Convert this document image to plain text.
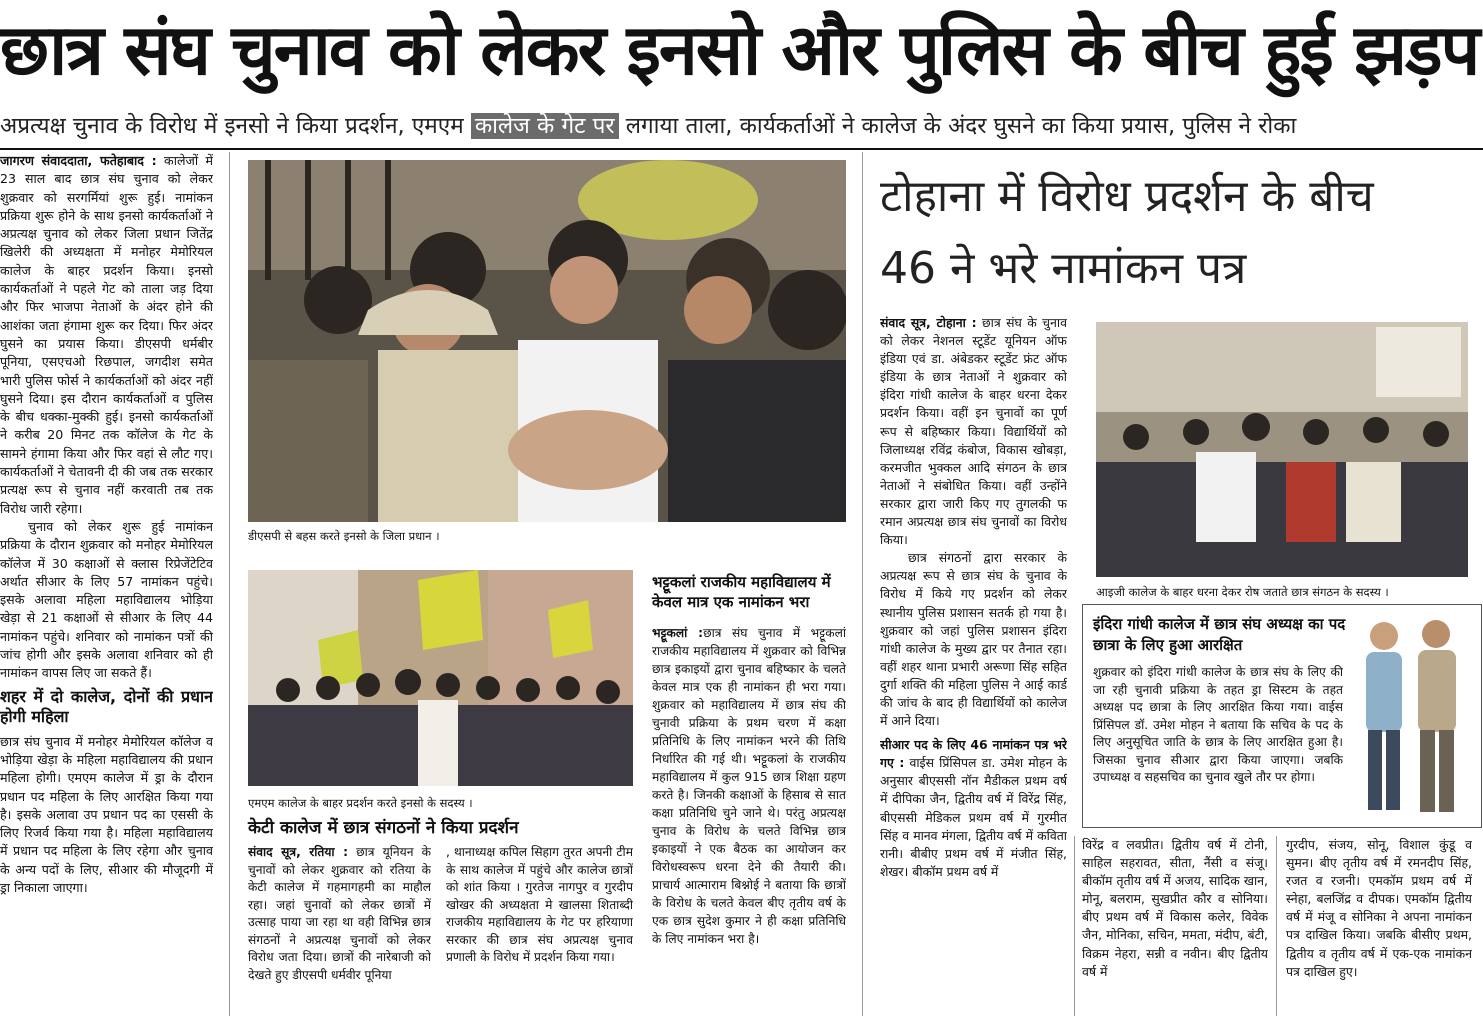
छात्र संघ चुनाव को लेकर इनसो और पुलिस के बीच हुई झड़प
अप्रत्यक्ष चुनाव के विरोध में इनसो ने किया प्रदर्शन, एमएम कालेज के गेट पर लगाया ताला, कार्यकर्ताओं ने कालेज के अंदर घुसने का किया प्रयास, पुलिस ने रोका

जागरण संवाददाता, फतेहाबाद : कालेजों में 23 साल बाद छात्र संघ चुनाव को लेकर शुक्रवार को सरगर्मियां शुरू हुई। नामांकन प्रक्रिया शुरू होने के साथ इनसो कार्यकर्ताओं ने अप्रत्यक्ष चुनाव को लेकर जिला प्रधान जितेंद्र खिलेरी की अध्यक्षता में मनोहर मेमोरियल कालेज के बाहर प्रदर्शन किया। इनसो कार्यकर्ताओं ने पहले गेट को ताला जड़ दिया और फिर भाजपा नेताओं के अंदर होने की आशंका जता हंगामा शुरू कर दिया। फिर अंदर घुसने का प्रयास किया। डीएसपी धर्मबीर पूनिया, एसएचओ रिछपाल, जगदीश समेत भारी पुलिस फोर्स ने कार्यकर्ताओं को अंदर नहीं घुसने दिया। इस दौरान कार्यकर्ताओं व पुलिस के बीच धक्का-मुक्की हुई। इनसो कार्यकर्ताओं ने करीब 20 मिनट तक कॉलेज के गेट के सामने हंगामा किया और फिर वहां से लौट गए। कार्यकर्ताओं ने चेतावनी दी की जब तक सरकार प्रत्यक्ष रूप से चुनाव नहीं करवाती तब तक विरोध जारी रहेगा।

चुनाव को लेकर शुरू हुई नामांकन प्रक्रिया के दौरान शुक्रवार को मनोहर मेमोरियल कॉलेज में 30 कक्षाओं से क्लास रिप्रेजेंटेटिव अर्थात सीआर के लिए 57 नामांकन पहुंचे। इसके अलावा महिला महाविद्यालय भोड़िया खेड़ा से 21 कक्षाओं से सीआर के लिए 44 नामांकन पहुंचे। शनिवार को नामांकन पत्रों की जांच होगी और इसके अलावा शनिवार को ही नामांकन वापस लिए जा सकते हैं।

शहर में दो कालेज, दोनों की प्रधान होगी महिला

छात्र संघ चुनाव में मनोहर मेमोरियल कॉलेज व भोड़िया खेड़ा के महिला महाविद्यालय की प्रधान महिला होगी। एमएम कालेज में ड्रा के दौरान प्रधान पद महिला के लिए आरक्षित किया गया है। इसके अलावा उप प्रधान पद का एससी के लिए रिजर्व किया गया है। महिला महाविद्यालय में प्रधान पद महिला के लिए रहेगा और चुनाव के अन्य पदों के लिए, सीआर की मौजूदगी में ड्रा निकाला जाएगा।

डीएसपी से बहस करते इनसो के जिला प्रधान ।
एमएम कालेज के बाहर प्रदर्शन करते इनसो के सदस्य ।
केटी कालेज में छात्र संगठनों ने किया प्रदर्शन

संवाद सूत्र, रतिया : छात्र यूनियन के चुनावों को लेकर शुक्रवार को रतिया के केटी कालेज में गहमागहमी का माहौल रहा। जहां चुनावों को लेकर छात्रों में उत्साह पाया जा रहा था वही विभिन्न छात्र संगठनों ने अप्रत्यक्ष चुनावों को लेकर विरोध जता दिया। छात्रों की नारेबाजी को देखते हुए डीएसपी धर्मवीर पूनिया

, थानाध्यक्ष कपिल सिहाग तुरत अपनी टीम के साथ कालेज में पहुंचे और कालेज छात्रों को शांत किया । गुरतेज नागपुर व गुरदीप खोखर की अध्यक्षता मे खालसा शिताब्दी राजकीय महाविद्यालय के गेट पर हरियाणा सरकार की छात्र संघ अप्रत्यक्ष चुनाव प्रणाली के विरोध में प्रदर्शन किया गया।

भट्टूकलां राजकीय महाविद्यालय में केवल मात्र एक नामांकन भरा

भट्टूकलां :छात्र संघ चुनाव में भट्टूकलां राजकीय महाविद्यालय में शुक्रवार को विभिन्न छात्र इकाइयों द्वारा चुनाव बहिष्कार के चलते केवल मात्र एक ही नामांकन ही भरा गया। शुक्रवार को महाविद्यालय में छात्र संघ की चुनावी प्रक्रिया के प्रथम चरण में कक्षा प्रतिनिधि के लिए नामांकन भरने की तिथि निर्धारित की गई थी। भट्टूकलां के राजकीय महाविद्यालय में कुल 915 छात्र शिक्षा ग्रहण करते है। जिनकी कक्षाओं के हिसाब से सात कक्षा प्रतिनिधि चुने जाने थे। परंतु अप्रत्यक्ष चुनाव के विरोध के चलते विभिन्न छात्र इकाइयों ने एक बैठक का आयोजन कर विरोधस्वरूप धरना देने की तैयारी की। प्राचार्य आत्माराम बिश्नोई ने बताया कि छात्रों के विरोध के चलते केवल बीए तृतीय वर्ष के एक छात्र सुदेश कुमार ने ही कक्षा प्रतिनिधि के लिए नामांकन भरा है।

टोहाना में विरोध प्रदर्शन के बीच
46 ने भरे नामांकन पत्र

संवाद सूत्र, टोहाना : छात्र संघ के चुनाव को लेकर नेशनल स्टूडेंट यूनियन ऑफ इंडिया एवं डा. अंबेडकर स्टूडेंट फ्रंट ऑफ इंडिया के छात्र नेताओं ने शुक्रवार को इंदिरा गांधी कालेज के बाहर धरना देकर प्रदर्शन किया। वहीं इन चुनावों का पूर्ण रूप से बहिष्कार किया। विद्यार्थियों को जिलाध्यक्ष रविंद्र कंबोज, विकास खोबड़ा, करमजीत भुक्कल आदि संगठन के छात्र नेताओं ने संबोधित किया। वहीं उन्होंने सरकार द्वारा जारी किए गए तुगलकी फ रमान अप्रत्यक्ष छात्र संघ चुनावों का विरोध किया।

छात्र संगठनों द्वारा सरकार के अप्रत्यक्ष रूप से छात्र संघ के चुनाव के विरोध में किये गए प्रदर्शन को लेकर स्थानीय पुलिस प्रशासन सतर्क हो गया है। शुक्रवार को जहां पुलिस प्रशासन इंदिरा गांधी कालेज के मुख्य द्वार पर तैनात रहा। वहीं शहर थाना प्रभारी अरूणा सिंह सहित दुर्गा शक्ति की महिला पुलिस ने आई कार्ड की जांच के बाद ही विद्यार्थियों को कालेज में आने दिया।

सीआर पद के लिए 46 नामांकन पत्र भरे गए : वाईस प्रिंसिपल डा. उमेश मोहन के अनुसार बीएससी नॉन मैडीकल प्रथम वर्ष में दीपिका जैन, द्वितीय वर्ष में विरेंद्र सिंह, बीएससी मेडिकल प्रथम वर्ष में गुरमीत सिंह व मानव मंगला, द्वितीय वर्ष में कविता रानी। बीबीए प्रथम वर्ष में मंजीत सिंह, शेखर। बीकॉम प्रथम वर्ष में

आइजी कालेज के बाहर धरना देकर रोष जताते छात्र संगठन के सदस्य ।
इंदिरा गांधी कालेज में छात्र संघ अध्यक्ष का पद छात्रा के लिए हुआ आरक्षित

शुक्रवार को इंदिरा गांधी कालेज के छात्र संघ के लिए की जा रही चुनावी प्रक्रिया के तहत ड्रा सिस्टम के तहत अध्यक्ष पद छात्रा के लिए आरक्षित किया गया। वाईस प्रिंसिपल डॉ. उमेश मोहन ने बताया कि सचिव के पद के लिए अनुसूचित जाति के छात्र के लिए आरक्षित हुआ है। जिसका चुनाव सीआर द्वारा किया जाएगा। जबकि उपाध्यक्ष व सहसचिव का चुनाव खुले तौर पर होगा।

विरेंद्र व लवप्रीत। द्वितीय वर्ष में टोनी, साहिल सहरावत, सीता, नैंसी व संजू। बीकॉम तृतीय वर्ष में अजय, सादिक खान, मोनू, बलराम, सुखप्रीत कौर व सोनिया। बीए प्रथम वर्ष में विकास कलेर, विवेक जैन, मोनिका, सचिन, ममता, मंदीप, बंटी, विक्रम नेहरा, सन्नी व नवीन। बीए द्वितीय वर्ष में

गुरदीप, संजय, सोनू, विशाल कुंडू व सुमन। बीए तृतीय वर्ष में रमनदीप सिंह, रजत व रजनी। एमकॉम प्रथम वर्ष में स्नेहा, बलजिंद्र व दीपक। एमकॉम द्वितीय वर्ष में मंजू व सोनिका ने अपना नामांकन पत्र दाखिल किया। जबकि बीसीए प्रथम, द्वितीय व तृतीय वर्ष में एक-एक नामांकन पत्र दाखिल हुए।
